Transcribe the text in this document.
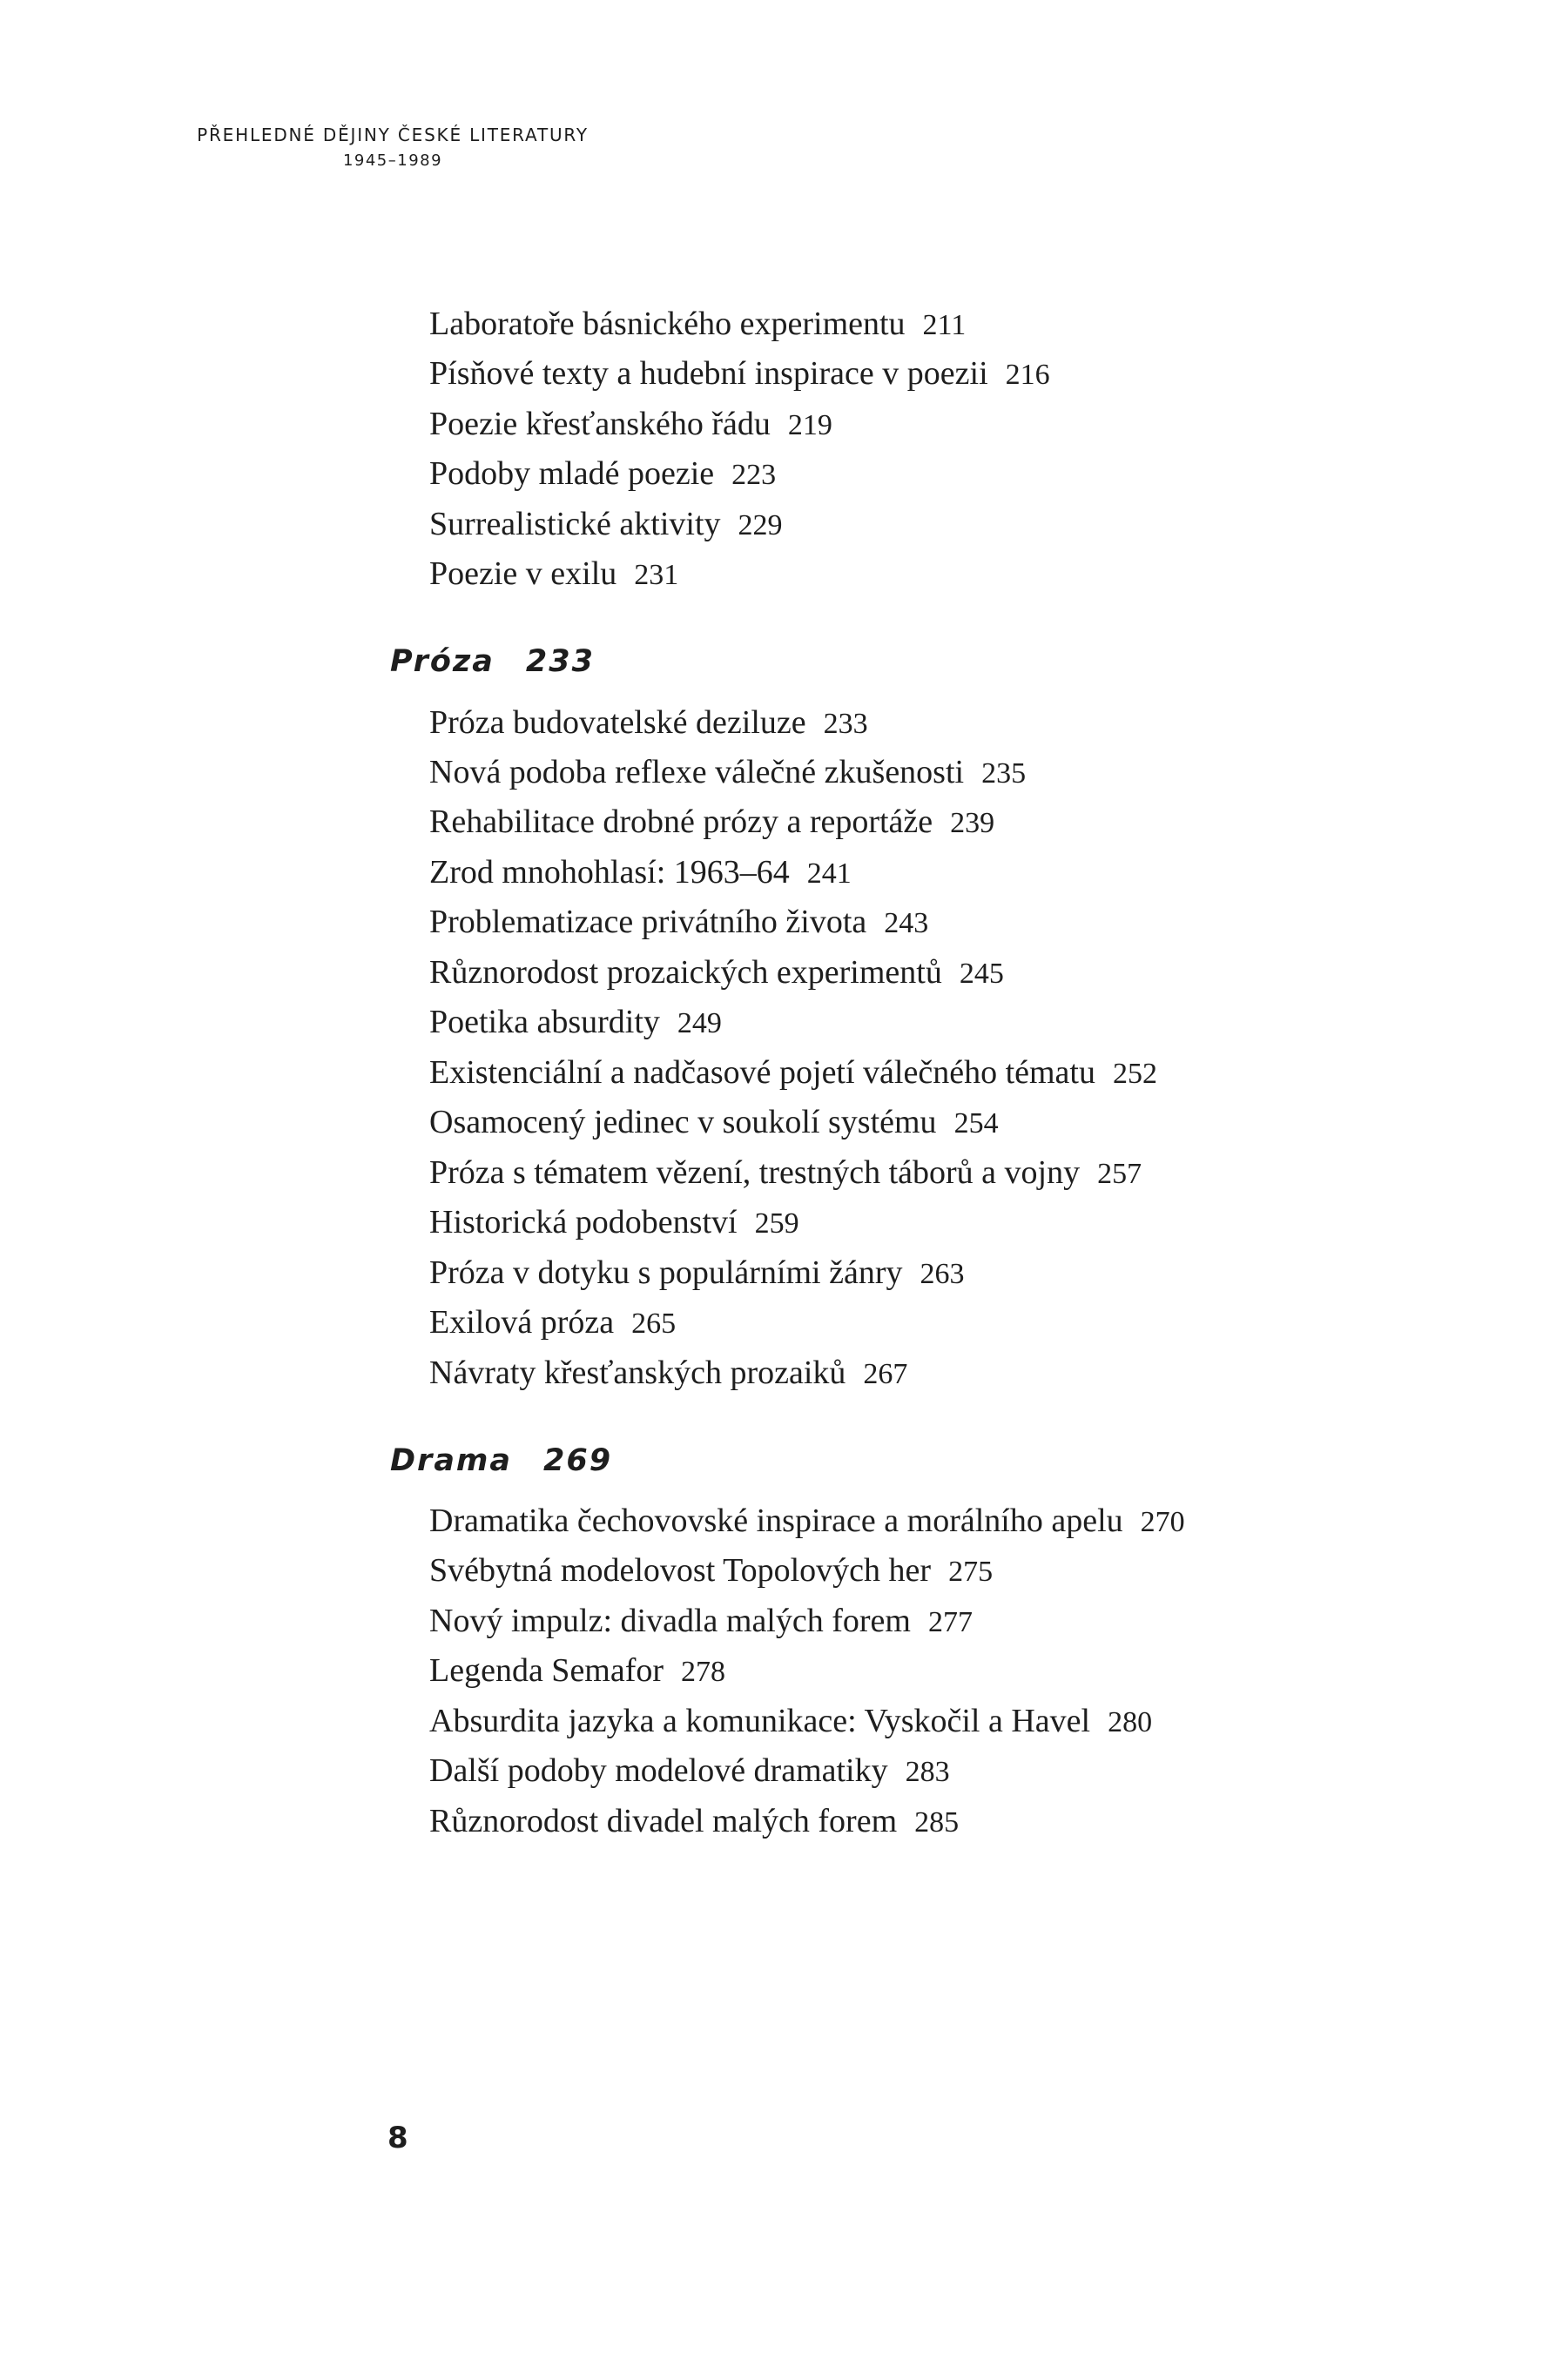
PŘEHLEDNÉ DĚJINY ČESKÉ LITERATURY
1945–1989
Laboratoře básnického experimentu 211
Písňové texty a hudební inspirace v poezii 216
Poezie křesťanského řádu 219
Podoby mladé poezie 223
Surrealistické aktivity 229
Poezie v exilu 231
Próza 233
Próza budovatelské deziluze 233
Nová podoba reflexe válečné zkušenosti 235
Rehabilitace drobné prózy a reportáže 239
Zrod mnohohlasí: 1963–64 241
Problematizace privátního života 243
Různorodost prozaických experimentů 245
Poetika absurdity 249
Existenciální a nadčasové pojetí válečného tématu 252
Osamocený jedinec v soukolí systému 254
Próza s tématem vězení, trestných táborů a vojny 257
Historická podobenství 259
Próza v dotyku s populárními žánry 263
Exilová próza 265
Návraty křesťanských prozaiků 267
Drama 269
Dramatika čechovovské inspirace a morálního apelu 270
Svébytná modelovost Topolových her 275
Nový impulz: divadla malých forem 277
Legenda Semafor 278
Absurdita jazyka a komunikace: Vyskočil a Havel 280
Další podoby modelové dramatiky 283
Různorodost divadel malých forem 285
8
